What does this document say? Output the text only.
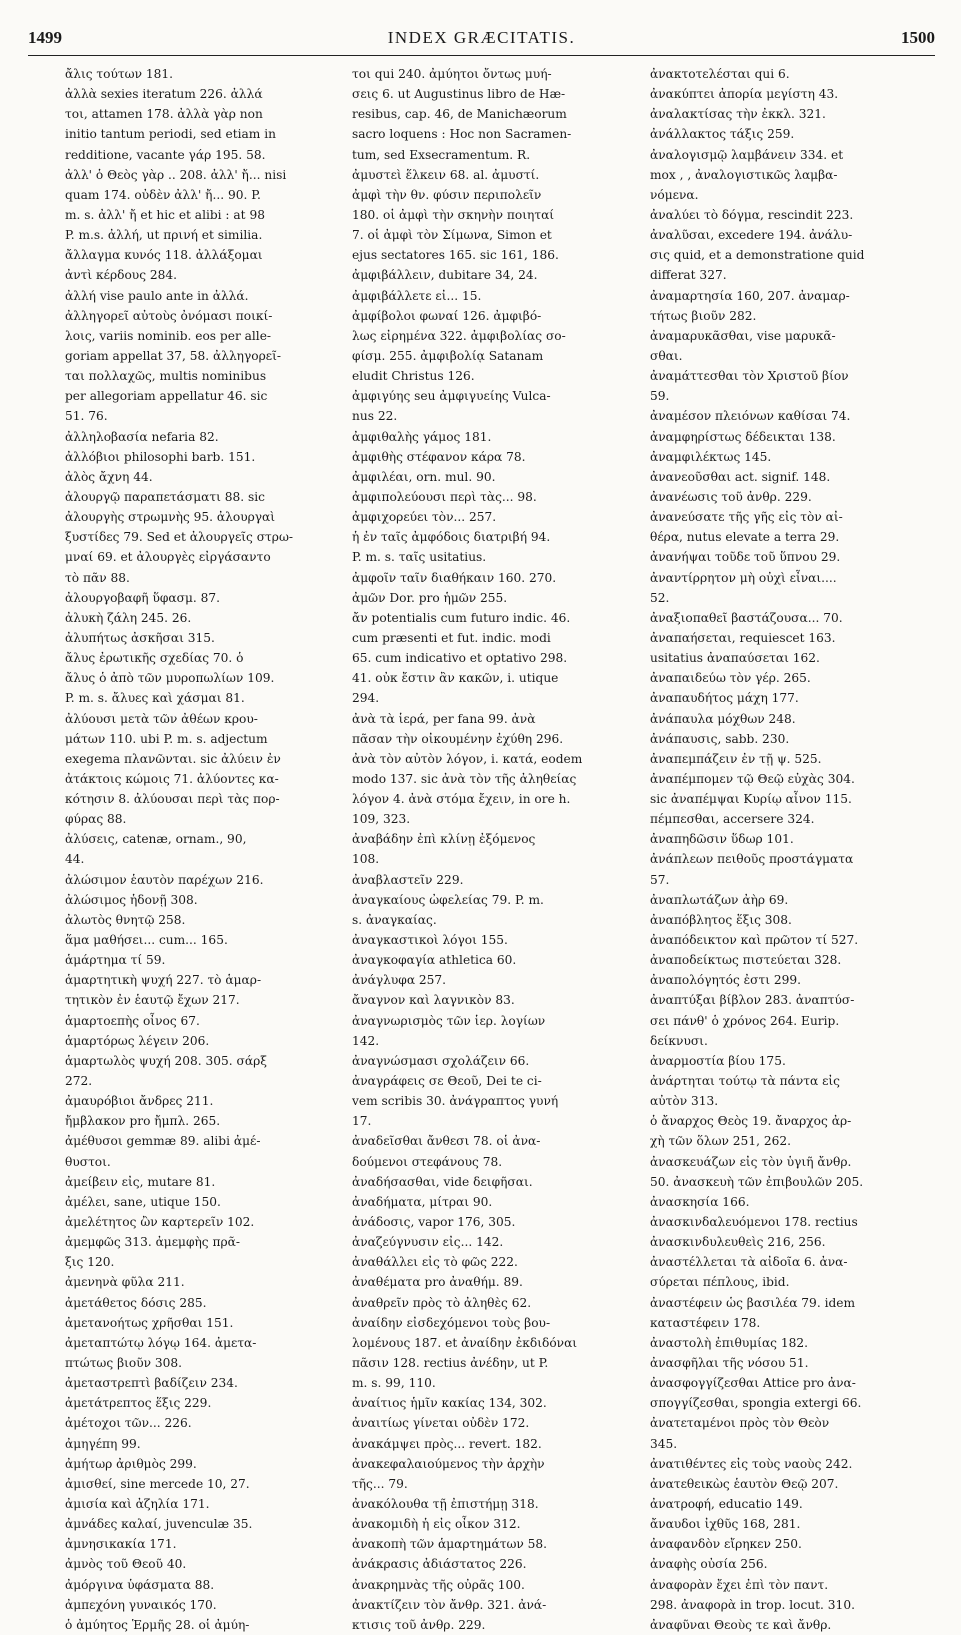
1499	INDEX GRÆCITATIS.	1500
ἄλις τούτων 181.
ἀλλὰ sexies iteratum 226. ἀλλά
τοι, attamen 178. ἀλλὰ γὰρ non
initio tantum periodi, sed etiam in
redditione, vacante γάρ 195. 58.
ἀλλ' ὁ Θεὸς γὰρ .. 208. ἀλλ' ἤ... nisi
quam 174. οὐδὲν ἀλλ' ἤ... 90. P.
m. s. ἀλλ' ἤ et hic et alibi : at 98
P. m.s. ἀλλή, ut πρινή et similia.
ἄλλαγμα κυνός 118. ἀλλάξομαι
ἀντὶ κέρδους 284.
ἀλλή vise paulo ante in ἀλλά.
ἀλληγορεῖ αὐτοὺς ὀνόμασι ποικί-
λοις, variis nominib. eos per alle-
goriam appellat 37, 58. ἀλληγορεῖ-
ται πολλαχῶς, multis nominibus
per allegoriam appellatur 46. sic
51. 76.
ἀλληλοβασία nefaria 82.
ἀλλόβιοι philosophi barb. 151.
ἀλὸς ἄχνη 44.
ἀλουργῷ παραπετάσματι 88. sic
ἀλουργὴς στρωμνὴς 95. ἀλουργαὶ
ξυστίδες 79. Sed et ἀλουργεῖς στρω-
μναί 69. et ἀλουργὲς εἰργάσαντο
τὸ πᾶν 88.
ἀλουργοβαφῆ ὕφασμ. 87.
ἀλυκὴ ζάλη 245. 26.
ἀλυπήτως ἀσκῆσαι 315.
ἄλυς ἐρωτικῆς σχεδίας 70. ὁ
ἄλυς ὁ ἀπὸ τῶν μυροπωλίων 109.
P. m. s. ἄλυες καὶ χάσμαι 81.
ἀλύουσι μετὰ τῶν ἀθέων κρου-
μάτων 110. ubi P. m. s. adjectum
exegema πλανῶνται. sic ἀλύειν ἐν
ἀτάκτοις κώμοις 71. ἀλύοντες κα-
κότησιν 8. ἀλύουσαι περὶ τὰς πορ-
φύρας 88.
ἀλύσεις, catenæ, ornam., 90,
44.
ἀλώσιμον ἑαυτὸν παρέχων 216.
ἀλώσιμος ἡδονῇ 308.
ἀλωτὸς θνητῷ 258.
ἅμα μαθήσει... cum... 165.
ἁμάρτημα τί 59.
ἁμαρτητικὴ ψυχή 227. τὸ ἁμαρ-
τητικὸν ἐν ἑαυτῷ ἔχων 217.
ἁμαρτοεπὴς οἶνος 67.
ἁμαρτόρως λέγειν 206.
ἁμαρτωλὸς ψυχή 208. 305. σάρξ
272.
ἀμαυρόβιοι ἄνδρες 211.
ἤμβλακον pro ἤμπλ. 265.
ἀμέθυσοι gemmæ 89. alibi ἀμέ-
θυστοι.
ἀμείβειν εἰς, mutare 81.
ἀμέλει, sane, utique 150.
ἀμελέτητος ὢν καρτερεῖν 102.
ἀμεμφῶς 313. ἀμεμφὴς πρᾶ-
ξις 120.
ἀμενηνὰ φῦλα 211.
ἀμετάθετος δόσις 285.
ἀμετανοήτως χρῆσθαι 151.
ἀμεταπτώτῳ λόγῳ 164. ἀμετα-
πτώτως βιοῦν 308.
ἀμεταστρεπτὶ βαδίζειν 234.
ἀμετάτρεπτος ἕξις 229.
ἀμέτοχοι τῶν... 226.
ἀμηγέπη 99.
ἀμήτωρ ἀριθμὸς 299.
ἀμισθεί, sine mercede 10, 27.
ἀμισία καὶ ἀζηλία 171.
ἀμνάδες καλαί, juvenculæ 35.
ἀμνησικακία 171.
ἀμνὸς τοῦ Θεοῦ 40.
ἀμόργινα ὑφάσματα 88.
ἀμπεχόνη γυναικός 170.
ὁ ἀμύητος Ἑρμῆς 28. οἱ ἀμύη-
τοι qui 240. ἀμύητοι ὄντως μυή-
σεις 6. ut Augustinus libro de Hæ-
resibus, cap. 46, de Manichæorum
sacro loquens : Hoc non Sacramen-
tum, sed Exsecramentum. R.
ἀμυστεὶ ἕλκειν 68. al. ἀμυστί.
ἀμφὶ τὴν θν. φύσιν περιπολεῖν
180. οἱ ἀμφὶ τὴν σκηνὴν ποιηταί
7. οἱ ἀμφὶ τὸν Σίμωνα, Simon et
ejus sectatores 165. sic 161, 186.
ἀμφιβάλλειν, dubitare 34, 24.
ἀμφιβάλλετε εἰ... 15.
ἀμφίβολοι φωναί 126. ἀμφιβό-
λως εἰρημένα 322. ἀμφιβολίας σο-
φίσμ. 255. ἀμφιβολίᾳ Satanam
eludit Christus 126.
ἀμφιγύης seu ἀμφιγυείης Vulca-
nus 22.
ἀμφιθαλὴς γάμος 181.
ἀμφιθὴς στέφανον κάρα 78.
ἀμφιλέαι, orn. mul. 90.
ἀμφιπολεύουσι περὶ τὰς... 98.
ἀμφιχορεύει τὸν... 257.
ἡ ἐν ταῖς ἀμφόδοις διατριβή 94.
P. m. s. ταῖς usitatius.
ἀμφοῖν ταῖν διαθήκαιν 160. 270.
ἀμῶν Dor. pro ἡμῶν 255.
ἄν potentialis cum futuro indic. 46.
cum præsenti et fut. indic. modi
65. cum indicativo et optativo 298.
41. οὐκ ἔστιν ἂν κακῶν, i. utique
294.
ἀνὰ τὰ ἱερά, per fana 99. ἀνὰ
πᾶσαν τὴν οἰκουμένην ἐχύθη 296.
ἀνὰ τὸν αὐτὸν λόγον, i. κατά, eodem
modo 137. sic ἀνὰ τὸν τῆς ἀληθείας
λόγον 4. ἀνὰ στόμα ἔχειν, in ore h.
109, 323.
ἀναβάδην ἐπὶ κλίνῃ ἐξόμενος
108.
ἀναβλαστεῖν 229.
ἀναγκαίους ὠφελείας 79. P. m.
s. ἀναγκαίας.
ἀναγκαστικοὶ λόγοι 155.
ἀναγκοφαγία athletica 60.
ἀνάγλυφα 257.
ἄναγνον καὶ λαγνικὸν 83.
ἀναγνωρισμὸς τῶν ἱερ. λογίων
142.
ἀναγνώσμασι σχολάζειν 66.
ἀναγράφεις σε Θεοῦ, Dei te ci-
vem scribis 30. ἀνάγραπτος γυνή
17.
ἀναδεῖσθαι ἄνθεσι 78. οἱ ἀνα-
δούμενοι στεφάνους 78.
ἀναδήσασθαι, vide δειφῆσαι.
ἀναδήματα, μίτραι 90.
ἀνάδοσις, vapor 176, 305.
ἀναζεύγνυσιν εἰς... 142.
ἀναθάλλει εἰς τὸ φῶς 222.
ἀναθέματα pro ἀναθήμ. 89.
ἀναθρεῖν πρὸς τὸ ἀληθὲς 62.
ἀναίδην εἰσδεχόμενοι τοὺς βου-
λομένους 187. et ἀναίδην ἐκδιδόναι
πᾶσιν 128. rectius ἀνέδην, ut P.
m. s. 99, 110.
ἀναίτιος ἡμῖν κακίας 134, 302.
ἀναιτίως γίνεται οὐδὲν 172.
ἀνακάμψει πρὸς... revert. 182.
ἀνακεφαλαιούμενος τὴν ἀρχὴν
τῆς... 79.
ἀνακόλουθα τῇ ἐπιστήμῃ 318.
ἀνακομιδὴ ἡ εἰς οἶκον 312.
ἀνακοπὴ τῶν ἁμαρτημάτων 58.
ἀνάκρασις ἀδιάστατος 226.
ἀνακρημνὰς τῆς οὐρᾶς 100.
ἀνακτίζειν τὸν ἄνθρ. 321. ἀνά-
κτισις τοῦ ἀνθρ. 229.
ἀνακτοτελέσται qui 6.
ἀνακύπτει ἀπορία μεγίστη 43.
ἀναλακτίσας τὴν ἐκκλ. 321.
ἀνάλλακτος τάξις 259.
ἀναλογισμῷ λαμβάνειν 334. et
mox , , ἀναλογιστικῶς λαμβα-
νόμενα.
ἀναλύει τὸ δόγμα, rescindit 223.
ἀναλῦσαι, excedere 194. ἀνάλυ-
σις quid, et a demonstratione quid
differat 327.
ἀναμαρτησία 160, 207. ἀναμαρ-
τήτως βιοῦν 282.
ἀναμαρυκᾶσθαι, vise μαρυκᾶ-
σθαι.
ἀναμάττεσθαι τὸν Χριστοῦ βίον
59.
ἀναμέσον πλειόνων καθίσαι 74.
ἀναμφηρίστως δέδεικται 138.
ἀναμφιλέκτως 145.
ἀνανεοῦσθαι act. signif. 148.
ἀνανέωσις τοῦ ἀνθρ. 229.
ἀνανεύσατε τῆς γῆς εἰς τὸν αἰ-
θέρα, nutus elevate a terra 29.
ἀνανήψαι τοῦδε τοῦ ὕπνου 29.
ἀναντίρρητον μὴ οὐχὶ εἶναι....
52.
ἀναξιοπαθεῖ βαστάζουσα... 70.
ἀναπαήσεται, requiescet 163.
usitatius ἀναπαύσεται 162.
ἀναπαιδεύω τὸν γέρ. 265.
ἀναπαυδήτος μάχη 177.
ἀνάπαυλα μόχθων 248.
ἀνάπαυσις, sabb. 230.
ἀναπεμπάζειν ἐν τῇ ψ. 525.
ἀναπέμπομεν τῷ Θεῷ εὐχὰς 304.
sic ἀναπέμψαι Κυρίῳ αἶνον 115.
πέμπεσθαι, accersere 324.
ἀναπηδῶσιν ὕδωρ 101.
ἀνάπλεων πειθοῦς προστάγματα
57.
ἀναπλωτάζων ἀὴρ 69.
ἀναπόβλητος ἕξις 308.
ἀναπόδεικτον καὶ πρῶτον τί 527.
ἀναποδείκτως πιστεύεται 328.
ἀναπολόγητός ἐστι 299.
ἀναπτύξαι βίβλον 283. ἀναπτύσ-
σει πάνθ' ὁ χρόνος 264. Eurip.
δείκνυσι.
ἀναρμοστία βίου 175.
ἀνάρτηται τούτῳ τὰ πάντα εἰς
αὐτὸν 313.
ὁ ἄναρχος Θεὸς 19. ἄναρχος ἀρ-
χὴ τῶν ὅλων 251, 262.
ἀνασκευάζων εἰς τὸν ὑγιῆ ἄνθρ.
50. ἀνασκευὴ τῶν ἐπιβουλῶν 205.
ἀνασκησία 166.
ἀνασκινδαλευόμενοι 178. rectius
ἀνασκινδυλευθεὶς 216, 256.
ἀναστέλλεται τὰ αἰδοῖα 6. ἀνα-
σύρεται πέπλους, ibid.
ἀναστέφειν ὡς βασιλέα 79. idem
καταστέφειν 178.
ἀναστολὴ ἐπιθυμίας 182.
ἀνασφῆλαι τῆς νόσου 51.
ἀνασφογγίζεσθαι Attice pro ἀνα-
σπογγίζεσθαι, spongia extergi 66.
ἀνατεταμένοι πρὸς τὸν Θεὸν
345.
ἀνατιθέντες εἰς τοὺς ναοὺς 242.
ἀνατεθεικὼς ἑαυτὸν Θεῷ 207.
ἀνατροφή, educatio 149.
ἄναυδοι ἰχθῦς 168, 281.
ἀναφανδὸν εἴρηκεν 250.
ἀναφὴς οὐσία 256.
ἀναφορὰν ἔχει ἐπὶ τὸν παντ.
298. ἀναφορὰ in trop. locut. 310.
ἀναφῦναι Θεοὺς τε καὶ ἄνθρ.
